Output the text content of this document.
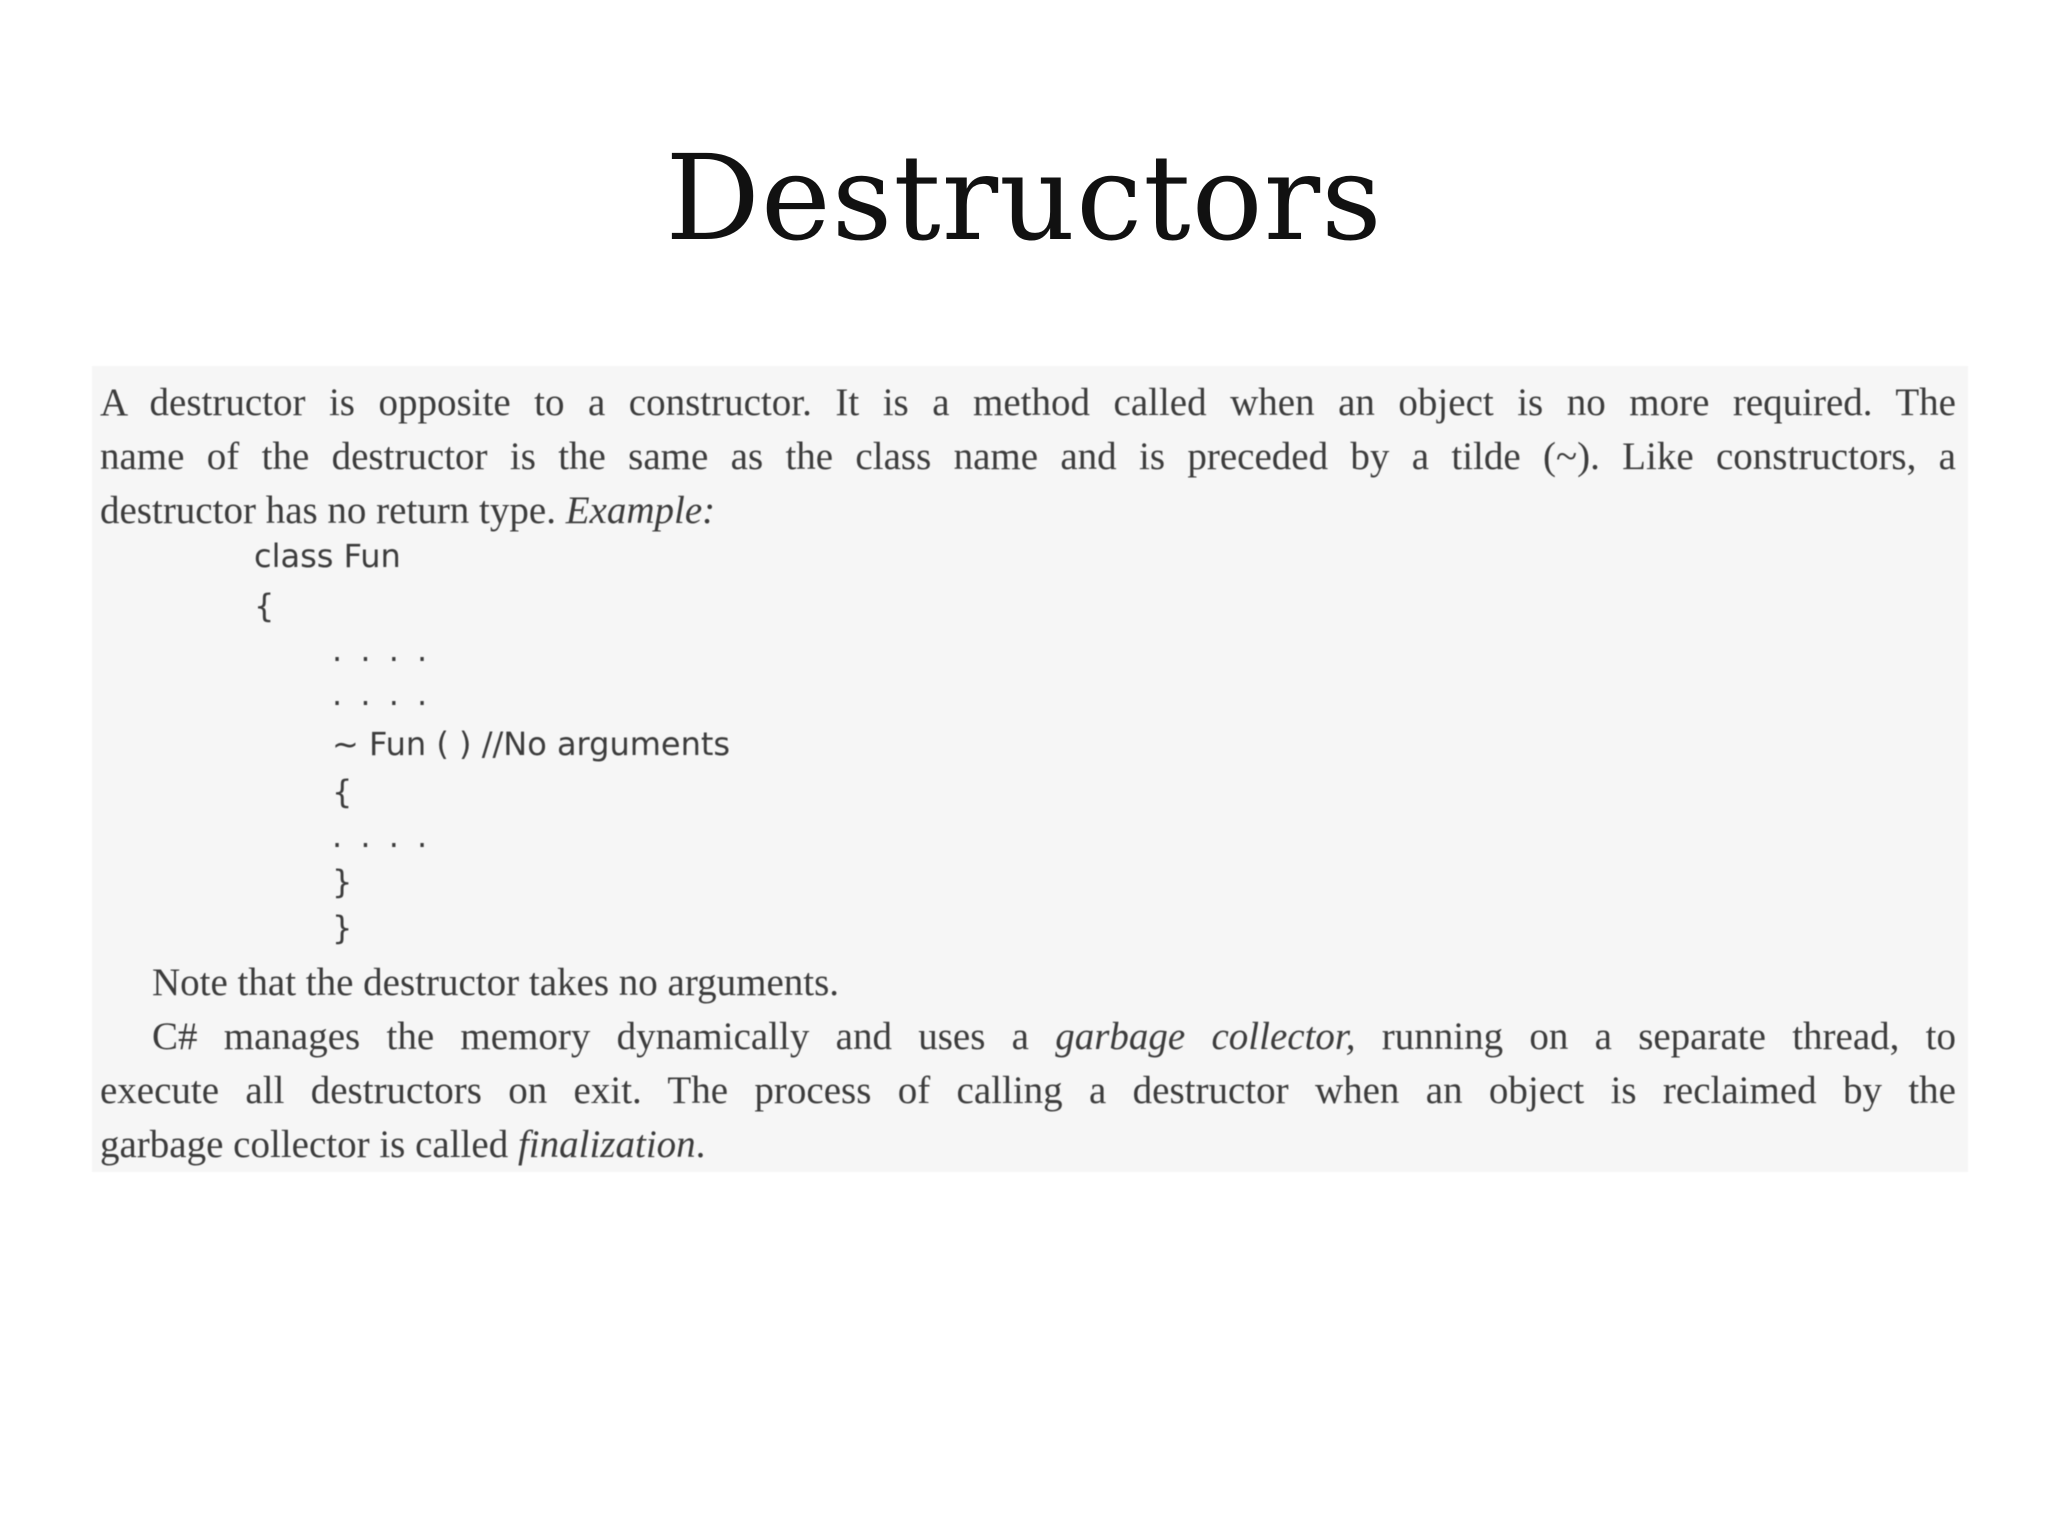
Destructors

A destructor is opposite to a constructor. It is a method called when an object is no more required. The

name of the destructor is the same as the class name and is preceded by a tilde (~). Like constructors, a

destructor has no return type. Example:

class Fun

{

. . . .

. . . .

~ Fun ( ) //No arguments

{

. . . .

}

}

Note that the destructor takes no arguments.

C# manages the memory dynamically and uses a garbage collector, running on a separate thread, to

execute all destructors on exit. The process of calling a destructor when an object is reclaimed by the

garbage collector is called finalization.
